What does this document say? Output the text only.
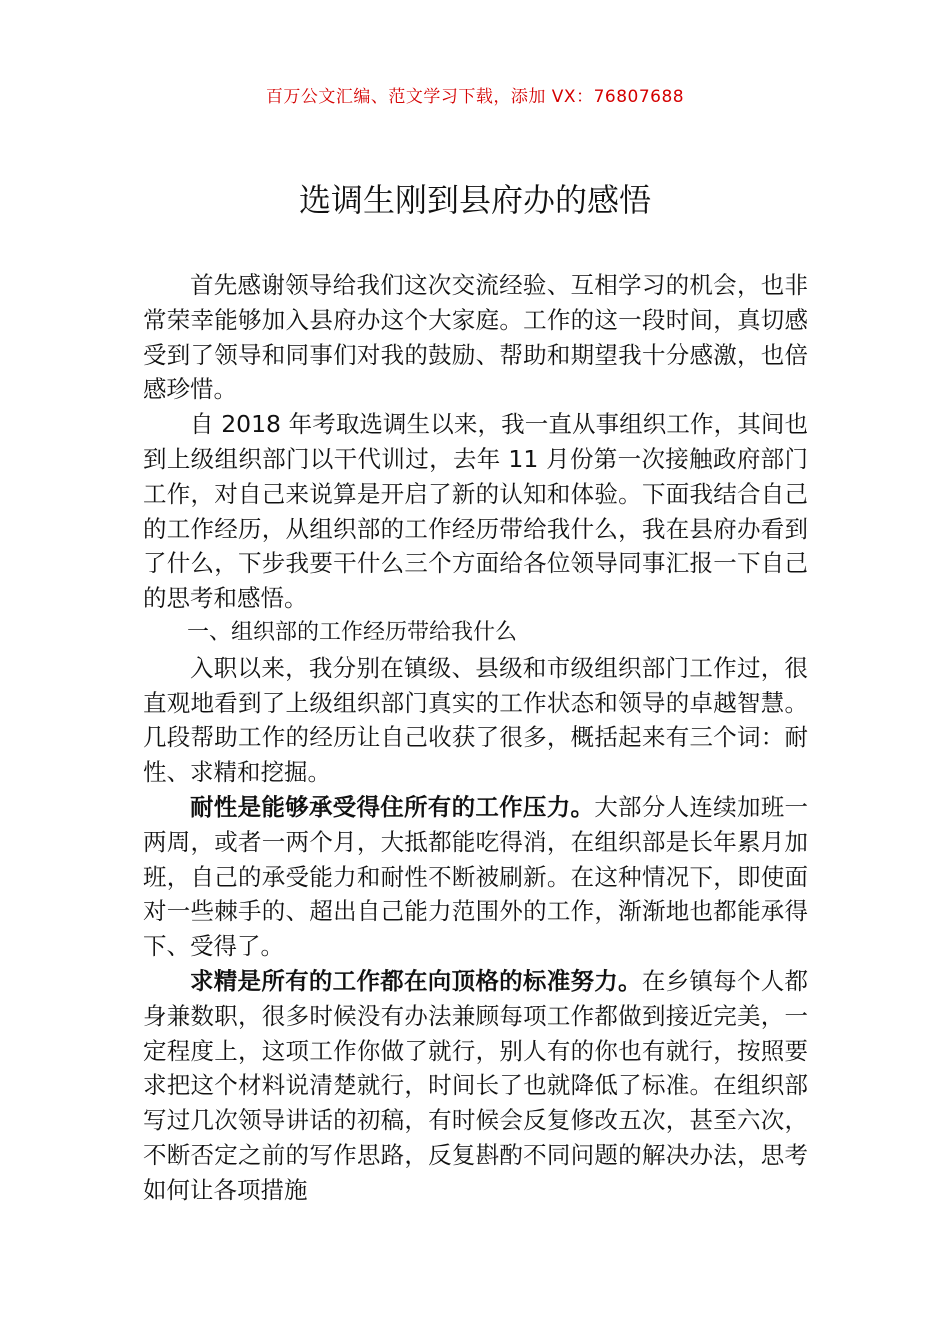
百万公文汇编、范文学习下载，添加 VX：76807688
选调生刚到县府办的感悟

首先感谢领导给我们这次交流经验、互相学习的机会，也非常荣幸能够加入县府办这个大家庭。工作的这一段时间，真切感受到了领导和同事们对我的鼓励、帮助和期望我十分感激，也倍感珍惜。

自 2018 年考取选调生以来，我一直从事组织工作，其间也到上级组织部门以干代训过，去年 11 月份第一次接触政府部门工作，对自己来说算是开启了新的认知和体验。下面我结合自己的工作经历，从组织部的工作经历带给我什么，我在县府办看到了什么，下步我要干什么三个方面给各位领导同事汇报一下自己的思考和感悟。

一、组织部的工作经历带给我什么

入职以来，我分别在镇级、县级和市级组织部门工作过，很直观地看到了上级组织部门真实的工作状态和领导的卓越智慧。几段帮助工作的经历让自己收获了很多，概括起来有三个词：耐性、求精和挖掘。

耐性是能够承受得住所有的工作压力。大部分人连续加班一两周，或者一两个月，大抵都能吃得消，在组织部是长年累月加班，自己的承受能力和耐性不断被刷新。在这种情况下，即使面对一些棘手的、超出自己能力范围外的工作，渐渐地也都能承得下、受得了。

求精是所有的工作都在向顶格的标准努力。在乡镇每个人都身兼数职，很多时候没有办法兼顾每项工作都做到接近完美，一定程度上，这项工作你做了就行，别人有的你也有就行，按照要求把这个材料说清楚就行，时间长了也就降低了标准。在组织部写过几次领导讲话的初稿，有时候会反复修改五次，甚至六次，不断否定之前的写作思路，反复斟酌不同问题的解决办法，思考如何让各项措施
